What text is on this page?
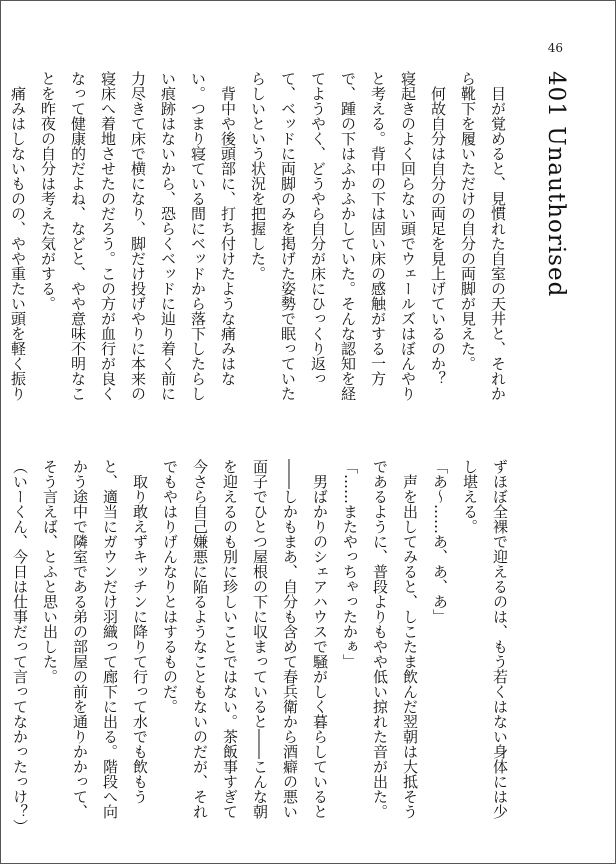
46
401 Unauthorised

　目が覚めると、見慣れた自室の天井と、それから靴下を履いただけの自分の両脚が見えた。

　何故自分は自分の両足を見上げているのか？　寝起きのよく回らない頭でウェールズはぼんやりと考える。背中の下は固い床の感触がする一方で、踵の下はふかふかしていた。そんな認知を経てようやく、どうやら自分が床にひっくり返って、ベッドに両脚のみを掲げた姿勢で眠っていたらしいという状況を把握した。

　背中や後頭部に、打ち付けたような痛みはない。つまり寝ている間にベッドから落下したらしい痕跡はないから、恐らくベッドに辿り着く前に力尽きて床で横になり、脚だけ投げやりに本来の寝床へ着地させたのだろう。この方が血行が良くなって健康的だよね、などと、やや意味不明なことを昨夜の自分は考えた気がする。

　痛みはしないものの、やや重たい頭を軽く振り

ずほぼ全裸で迎えるのは、もう若くはない身体には少し堪える。

「あ～……あ、あ、あ」

　声を出してみると、しこたま飲んだ翌朝は大抵そうであるように、普段よりもやや低い掠れた音が出た。

「……またやっちゃったかぁ」

　男ばかりのシェアハウスで騒がしく暮らしていると――しかもまあ、自分も含めて春兵衛から酒癖の悪い面子でひとつ屋根の下に収まっていると――こんな朝を迎えるのも別に珍しいことではない。茶飯事すぎて今さら自己嫌悪に陥るようなこともないのだが、それでもやはりげんなりとはするものだ。

　取り敢えずキッチンに降りて行って水でも飲もうと、適当にガウンだけ羽織って廊下に出る。階段へ向かう途中で隣室である弟の部屋の前を通りかかって、そう言えば、とふと思い出した。

（いーくん、今日は仕事だって言ってなかったっけ？）
